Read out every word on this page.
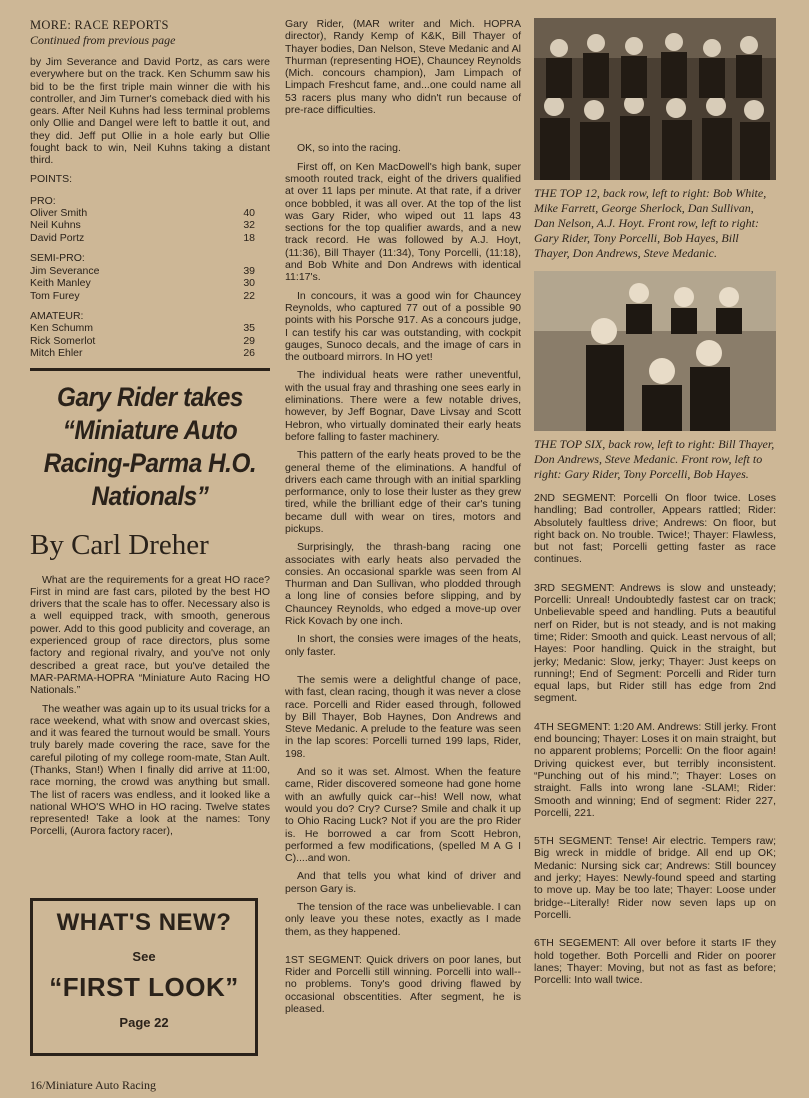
MORE: RACE REPORTS
Continued from previous page

by Jim Severance and David Portz, as cars were everywhere but on the track. Ken Schumm saw his bid to be the first triple main winner die with his controller, and Jim Turner's comeback died with his gears. After Neil Kuhns had less terminal problems only Ollie and Dangel were left to battle it out, and they did. Jeff put Ollie in a hole early but Ollie fought back to win, Neil Kuhns taking a distant third.

POINTS:
PRO:
Oliver Smith	40
Neil Kuhns	32
David Portz	18
SEMI-PRO:
Jim Severance	39
Keith Manley	30
Tom Furey	22
AMATEUR:
Ken Schumm	35
Rick Somerlot	29
Mitch Ehler	26
Gary Rider takes “Miniature Auto Racing-Parma H.O. Nationals”
By Carl Dreher

What are the requirements for a great HO race? First in mind are fast cars, piloted by the best HO drivers that the scale has to offer. Necessary also is a well equipped track, with smooth, generous power. Add to this good publicity and coverage, an experienced group of race directors, plus some factory and regional rivalry, and you've not only described a great race, but you've detailed the MAR-PARMA-HOPRA “Miniature Auto Racing HO Nationals.”

The weather was again up to its usual tricks for a race weekend, what with snow and overcast skies, and it was feared the turnout would be small. Yours truly barely made covering the race, save for the careful piloting of my college room-mate, Stan Ault. (Thanks, Stan!) When I finally did arrive at 11:00, race morning, the crowd was anything but small. The list of racers was endless, and it looked like a national WHO'S WHO in HO racing. Twelve states represented! Take a look at the names: Tony Porcelli, (Aurora factory racer),

WHAT'S NEW?
See
“FIRST LOOK”
Page 22
16/Miniature Auto Racing

Gary Rider, (MAR writer and Mich. HOPRA director), Randy Kemp of K&K, Bill Thayer of Thayer bodies, Dan Nelson, Steve Medanic and Al Thurman (representing HOE), Chauncey Reynolds (Mich. concours champion), Jam Limpach of Limpach Freshcut fame, and...one could name all 53 racers plus many who didn't run because of pre-race difficulties.

OK, so into the racing.

First off, on Ken MacDowell's high bank, super smooth routed track, eight of the drivers qualified at over 11 laps per minute. At that rate, if a driver once bobbled, it was all over. At the top of the list was Gary Rider, who wiped out 11 laps 43 sections for the top qualifier awards, and a new track record. He was followed by A.J. Hoyt, (11:36), Bill Thayer (11:34), Tony Porcelli, (11:18), and Bob White and Don Andrews with identical 11:17's.

In concours, it was a good win for Chauncey Reynolds, who captured 77 out of a possible 90 points with his Porsche 917. As a concours judge, I can testify his car was outstanding, with cockpit gauges, Sunoco decals, and the image of cars in the outboard mirrors. In HO yet!

The individual heats were rather uneventful, with the usual fray and thrashing one sees early in eliminations. There were a few notable drives, however, by Jeff Bognar, Dave Livsay and Scott Hebron, who virtually dominated their early heats before falling to faster machinery.

This pattern of the early heats proved to be the general theme of the eliminations. A handful of drivers each came through with an initial sparkling performance, only to lose their luster as they grew tired, while the brilliant edge of their car's tuning became dull with wear on tires, motors and pickups.

Surprisingly, the thrash-bang racing one associates with early heats also pervaded the consies. An occasional sparkle was seen from Al Thurman and Dan Sullivan, who plodded through a long line of consies before slipping, and by Chauncey Reynolds, who edged a move-up over Rick Kovach by one inch.

In short, the consies were images of the heats, only faster.

The semis were a delightful change of pace, with fast, clean racing, though it was never a close race. Porcelli and Rider eased through, followed by Bill Thayer, Bob Haynes, Don Andrews and Steve Medanic. A prelude to the feature was seen in the lap scores: Porcelli turned 199 laps, Rider, 198.

And so it was set. Almost. When the feature came, Rider discovered someone had gone home with an awfully quick car--his! Well now, what would you do? Cry? Curse? Smile and chalk it up to Ohio Racing Luck? Not if you are the pro Rider is. He borrowed a car from Scott Hebron, performed a few modifications, (spelled M A G I C)....and won.

And that tells you what kind of driver and person Gary is.

The tension of the race was unbelievable. I can only leave you these notes, exactly as I made them, as they happened.

1ST SEGMENT: Quick drivers on poor lanes, but Rider and Porcelli still winning. Porcelli into wall--no problems. Tony's good driving flawed by occasional obscentities. After segment, he is pleased.

THE TOP 12, back row, left to right: Bob White, Mike Farrett, George Sherlock, Dan Sullivan, Dan Nelson, A.J. Hoyt. Front row, left to right: Gary Rider, Tony Porcelli, Bob Hayes, Bill Thayer, Don Andrews, Steve Medanic.
THE TOP SIX, back row, left to right: Bill Thayer, Don Andrews, Steve Medanic. Front row, left to right: Gary Rider, Tony Porcelli, Bob Hayes.

2ND SEGMENT: Porcelli On floor twice. Loses handling; Bad controller, Appears rattled; Rider: Absolutely faultless drive; Andrews: On floor, but right back on. No trouble. Twice!; Thayer: Flawless, but not fast; Porcelli getting faster as race continues.

3RD SEGMENT: Andrews is slow and unsteady; Porcelli: Unreal! Undoubtedly fastest car on track; Unbelievable speed and handling. Puts a beautiful nerf on Rider, but is not steady, and is not making time; Rider: Smooth and quick. Least nervous of all; Hayes: Poor handling. Quick in the straight, but jerky; Medanic: Slow, jerky; Thayer: Just keeps on running!; End of Segment: Porcelli and Rider turn equal laps, but Rider still has edge from 2nd segment.

4TH SEGMENT: 1:20 AM. Andrews: Still jerky. Front end bouncing; Thayer: Loses it on main straight, but no apparent problems; Porcelli: On the floor again! Driving quickest ever, but terribly inconsistent. “Punching out of his mind.”; Thayer: Loses on straight. Falls into wrong lane -SLAM!; Rider: Smooth and winning; End of segment: Rider 227, Porcelli, 221.

5TH SEGMENT: Tense! Air electric. Tempers raw; Big wreck in middle of bridge. All end up OK; Medanic: Nursing sick car; Andrews: Still bouncey and jerky; Hayes: Newly-found speed and starting to move up. May be too late; Thayer: Loose under bridge--Literally! Rider now seven laps up on Porcelli.

6TH SEGEMENT: All over before it starts IF they hold together. Both Porcelli and Rider on poorer lanes; Thayer: Moving, but not as fast as before; Porcelli: Into wall twice.
